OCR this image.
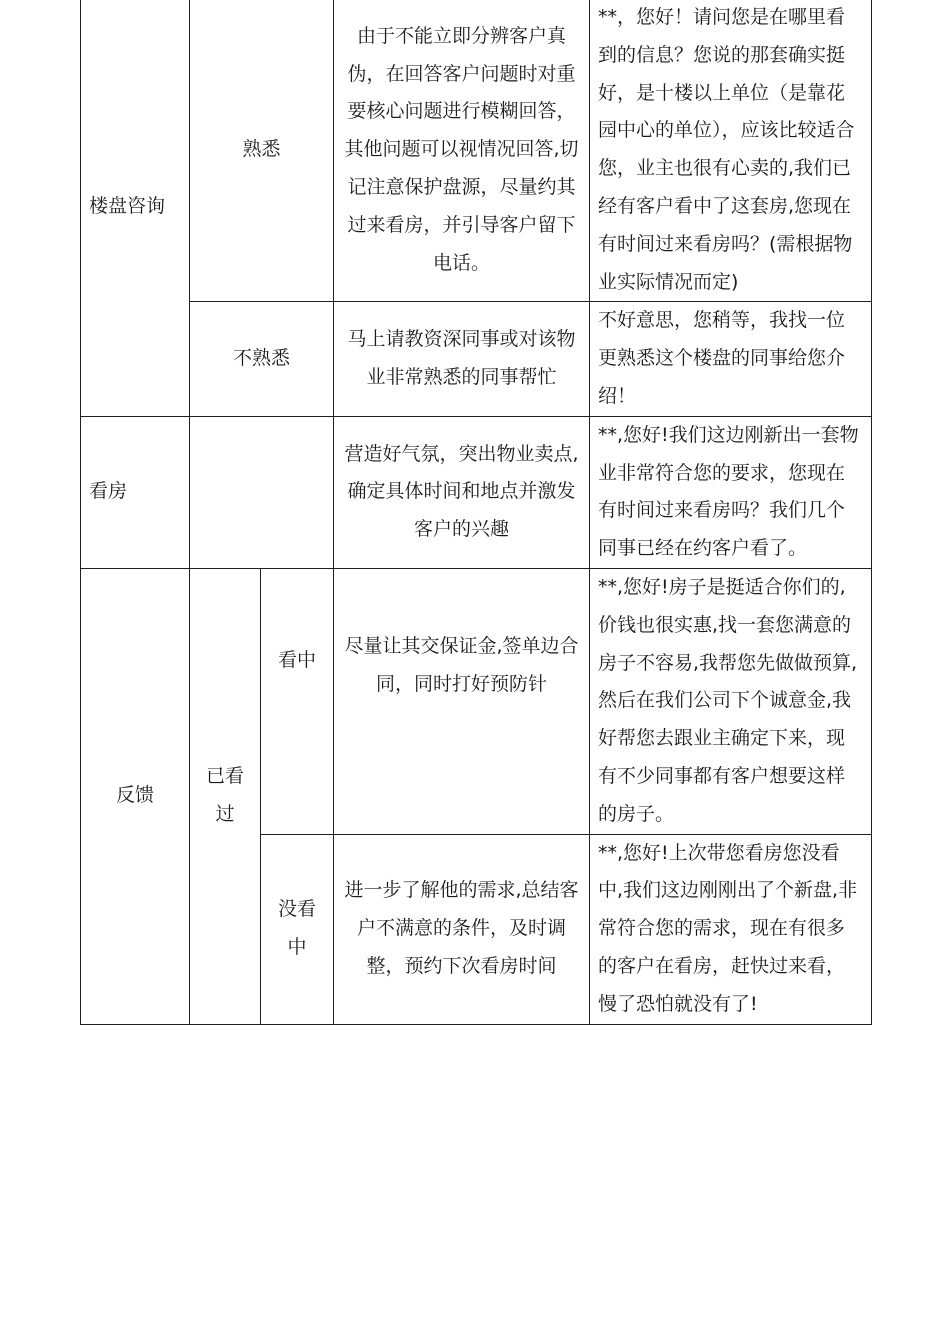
楼盘咨询	熟悉		由于不能立即分辨客户真伪，在回答客户问题时对重要核心问题进行模糊回答，其他问题可以视情况回答,切记注意保护盘源，尽量约其过来看房，并引导客户留下电话。	**，您好！请问您是在哪里看到的信息？您说的那套确实挺好，是十楼以上单位（是靠花园中心的单位），应该比较适合您，业主也很有心卖的,我们已经有客户看中了这套房,您现在有时间过来看房吗？(需根据物业实际情况而定)
	不熟悉		马上请教资深同事或对该物业非常熟悉的同事帮忙	不好意思，您稍等，我找一位更熟悉这个楼盘的同事给您介绍！
看房			营造好气氛，突出物业卖点,确定具体时间和地点并激发客户的兴趣	**,您好!我们这边刚新出一套物业非常符合您的要求，您现在有时间过来看房吗？我们几个同事已经在约客户看了。
反馈	已看过	看中	尽量让其交保证金,签单边合同，同时打好预防针	**,您好!房子是挺适合你们的,价钱也很实惠,找一套您满意的房子不容易,我帮您先做做预算,然后在我们公司下个诚意金,我好帮您去跟业主确定下来，现有不少同事都有客户想要这样的房子。
		没看中	进一步了解他的需求,总结客户不满意的条件，及时调整，预约下次看房时间	**,您好!上次带您看房您没看中,我们这边刚刚出了个新盘,非常符合您的需求，现在有很多的客户在看房，赶快过来看，慢了恐怕就没有了!
